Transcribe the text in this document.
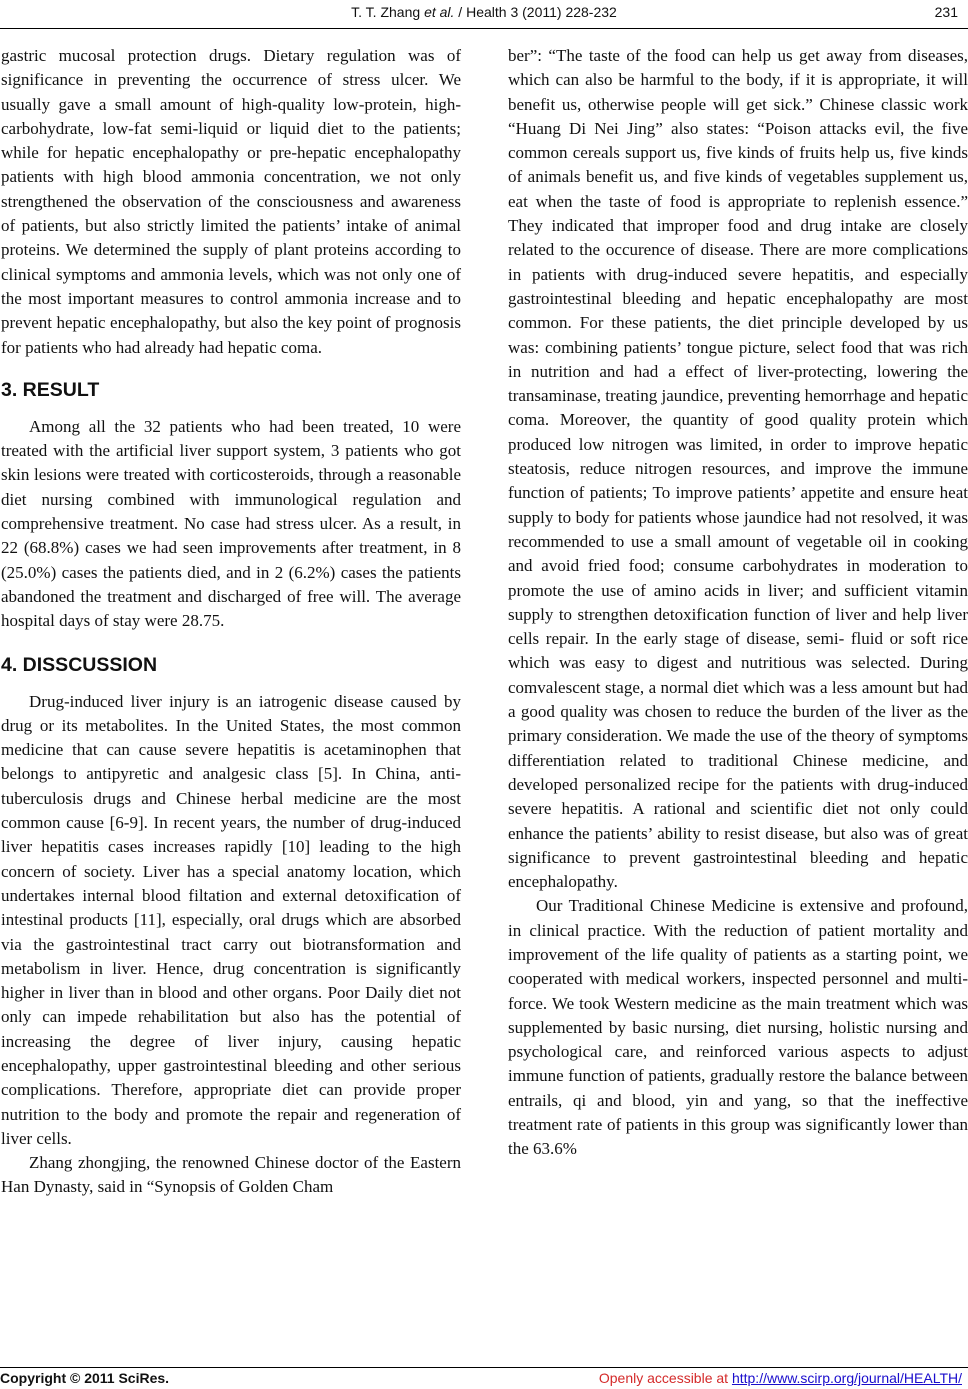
T. T. Zhang et al. / Health 3 (2011) 228-232	231

gastric mucosal protection drugs. Dietary regulation was of significance in preventing the occurrence of stress ulcer. We usually gave a small amount of high-quality low-protein, high-carbohydrate, low-fat semi-liquid or liquid diet to the patients; while for hepatic encephalopathy or pre-hepatic encephalopathy patients with high blood ammonia concentration, we not only strengthened the observation of the consciousness and awareness of patients, but also strictly limited the patients’ intake of animal proteins. We determined the supply of plant proteins according to clinical symptoms and ammonia levels, which was not only one of the most important measures to control ammonia increase and to prevent hepatic encephalopathy, but also the key point of prognosis for patients who had already had hepatic coma.

3. RESULT

Among all the 32 patients who had been treated, 10 were treated with the artificial liver support system, 3 patients who got skin lesions were treated with corticosteroids, through a reasonable diet nursing combined with immunological regulation and comprehensive treatment. No case had stress ulcer. As a result, in 22 (68.8%) cases we had seen improvements after treatment, in 8 (25.0%) cases the patients died, and in 2 (6.2%) cases the patients abandoned the treatment and discharged of free will. The average hospital days of stay were 28.75.

4. DISSCUSSION

Drug-induced liver injury is an iatrogenic disease caused by drug or its metabolites. In the United States, the most common medicine that can cause severe hepatitis is acetaminophen that belongs to antipyretic and analgesic class [5]. In China, anti-tuberculosis drugs and Chinese herbal medicine are the most common cause [6-9]. In recent years, the number of drug-induced liver hepatitis cases increases rapidly [10] leading to the high concern of society. Liver has a special anatomy location, which undertakes internal blood filtation and external detoxification of intestinal products [11], especially, oral drugs which are absorbed via the gastrointestinal tract carry out biotransformation and metabolism in liver. Hence, drug concentration is significantly higher in liver than in blood and other organs. Poor Daily diet not only can impede rehabilitation but also has the potential of increasing the degree of liver injury, causing hepatic encephalopathy, upper gastrointestinal bleeding and other serious complications. Therefore, appropriate diet can provide proper nutrition to the body and promote the repair and regeneration of liver cells.

Zhang zhongjing, the renowned Chinese doctor of the Eastern Han Dynasty, said in “Synopsis of Golden Cham

ber”: “The taste of the food can help us get away from diseases, which can also be harmful to the body, if it is appropriate, it will benefit us, otherwise people will get sick.” Chinese classic work “Huang Di Nei Jing” also states: “Poison attacks evil, the five common cereals support us, five kinds of fruits help us, five kinds of animals benefit us, and five kinds of vegetables supplement us, eat when the taste of food is appropriate to replenish essence.” They indicated that improper food and drug intake are closely related to the occurence of disease. There are more complications in patients with drug-induced severe hepatitis, and especially gastrointestinal bleeding and hepatic encephalopathy are most common. For these patients, the diet principle developed by us was: combining patients’ tongue picture, select food that was rich in nutrition and had a effect of liver-protecting, lowering the transaminase, treating jaundice, preventing hemorrhage and hepatic coma. Moreover, the quantity of good quality protein which produced low nitrogen was limited, in order to improve hepatic steatosis, reduce nitrogen resources, and improve the immune function of patients; To improve patients’ appetite and ensure heat supply to body for patients whose jaundice had not resolved, it was recommended to use a small amount of vegetable oil in cooking and avoid fried food; consume carbohydrates in moderation to promote the use of amino acids in liver; and sufficient vitamin supply to strengthen detoxification function of liver and help liver cells repair. In the early stage of disease, semi- fluid or soft rice which was easy to digest and nutritious was selected. During comvalescent stage, a normal diet which was a less amount but had a good quality was chosen to reduce the burden of the liver as the primary consideration. We made the use of the theory of symptoms differentiation related to traditional Chinese medicine, and developed personalized recipe for the patients with drug-induced severe hepatitis. A rational and scientific diet not only could enhance the patients’ ability to resist disease, but also was of great significance to prevent gastrointestinal bleeding and hepatic encephalopathy.

Our Traditional Chinese Medicine is extensive and profound, in clinical practice. With the reduction of patient mortality and improvement of the life quality of patients as a starting point, we cooperated with medical workers, inspected personnel and multi-force. We took Western medicine as the main treatment which was supplemented by basic nursing, diet nursing, holistic nursing and psychological care, and reinforced various aspects to adjust immune function of patients, gradually restore the balance between entrails, qi and blood, yin and yang, so that the ineffective treatment rate of patients in this group was significantly lower than the 63.6%

Copyright © 2011 SciRes.	Openly accessible at http://www.scirp.org/journal/HEALTH/
